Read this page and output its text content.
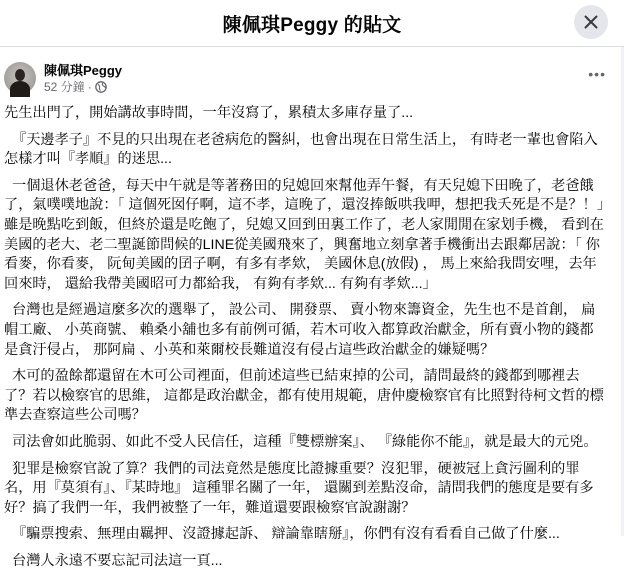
陳佩琪Peggy 的貼文
陳佩琪Peggy
52 分鐘 ·
•••

先生出門了，開始講故事時間，一年沒寫了，累積太多庫存量了...

『天邊孝子』不見的只出現在老爸病危的醫糾，也會出現在日常生活上， 有時老一輩也會陷入怎樣才叫『孝順』的迷思...

一個退休老爸爸，每天中午就是等著務田的兒媳回來幫他弄午餐，有天兒媳下田晚了，老爸餓了，氣噗噗地說：「 這個死囡仔啊，這不孝，這晚了，還沒捧飯哄我呷，想把我夭死是不是？！」雖是晚點吃到飯，但終於還是吃飽了，兒媳又回到田裏工作了，老人家閒閒在家划手機， 看到在美國的老大、老二聖誕節問候的LINE從美國飛來了，興奮地立刻拿著手機衝出去跟鄰居說：「 你看麥，你看麥， 阮甸美國的囝子啊，有多有孝欸， 美國休息(放假) ， 馬上來給我問安哩，去年回來時， 還給我帶美國昭可力都給我， 有夠有孝欸... 有夠有孝欸...」

台灣也是經過這麼多次的選舉了， 設公司、 開發票、 賣小物來籌資金，先生也不是首創， 扁帽工廠、 小英商號、 賴桑小舖也多有前例可循，若木可收入都算政治獻金，所有賣小物的錢都是貪汙侵占， 那阿扁 、小英和萊爾校長難道沒有侵占這些政治獻金的嫌疑嗎？

木可的盈餘都還留在木可公司裡面，但前述這些已結束掉的公司，請問最終的錢都到哪裡去了？若以檢察官的思維， 這都是政治獻金，都有使用規範，唐仲慶檢察官有比照對待柯文哲的標準去查察這些公司嗎？

司法會如此脆弱、如此不受人民信任，這種『雙標辦案』、 『綠能你不能』，就是最大的元兇。

犯罪是檢察官說了算？我們的司法竟然是態度比證據重要？沒犯罪，硬被冠上貪污圖利的罪名，用『莫須有』、『某時地』 這種罪名關了一年， 還關到差點沒命，請問我們的態度是要有多好？搞了我們一年，我們被整了一年，難道還要跟檢察官說謝謝？

『騙票搜索、無理由羈押、沒證據起訴、 辯論靠瞎掰』，你們有沒有看看自己做了什麼...

台灣人永遠不要忘記司法這一頁...
